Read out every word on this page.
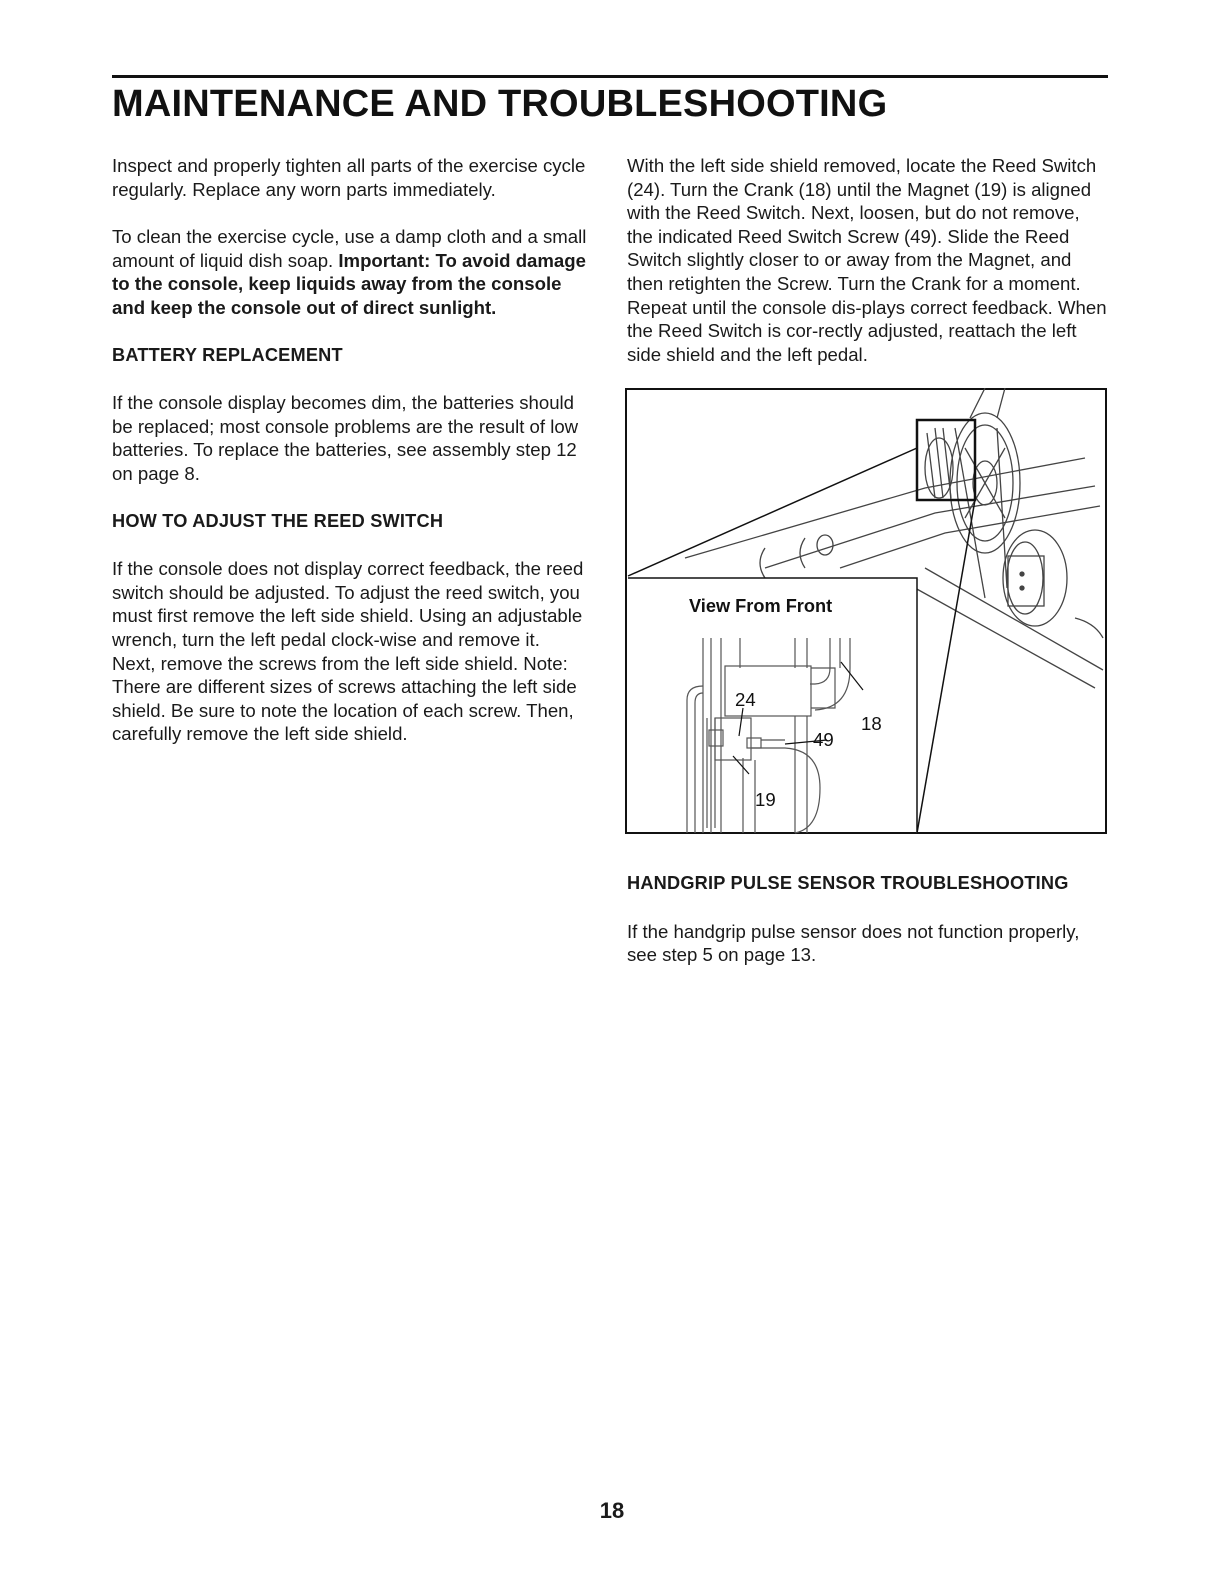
MAINTENANCE AND TROUBLESHOOTING

Inspect and properly tighten all parts of the exercise cycle regularly. Replace any worn parts immediately.

To clean the exercise cycle, use a damp cloth and a small amount of liquid dish soap. Important: To avoid damage to the console, keep liquids away from the console and keep the console out of direct sunlight.

BATTERY REPLACEMENT

If the console display becomes dim, the batteries should be replaced; most console problems are the result of low batteries. To replace the batteries, see assembly step 12 on page 8.

HOW TO ADJUST THE REED SWITCH

If the console does not display correct feedback, the reed switch should be adjusted. To adjust the reed switch, you must first remove the left side shield. Using an adjustable wrench, turn the left pedal clock-wise and remove it. Next, remove the screws from the left side shield. Note: There are different sizes of screws attaching the left side shield. Be sure to note the location of each screw. Then, carefully remove the left side shield.

With the left side shield removed, locate the Reed Switch (24). Turn the Crank (18) until the Magnet (19) is aligned with the Reed Switch. Next, loosen, but do not remove, the indicated Reed Switch Screw (49). Slide the Reed Switch slightly closer to or away from the Magnet, and then retighten the Screw. Turn the Crank for a moment. Repeat until the console dis-plays correct feedback. When the Reed Switch is cor-rectly adjusted, reattach the left side shield and the left pedal.

View From Front
24
18
49
19
HANDGRIP PULSE SENSOR TROUBLESHOOTING

If the handgrip pulse sensor does not function properly, see step 5 on page 13.

18
